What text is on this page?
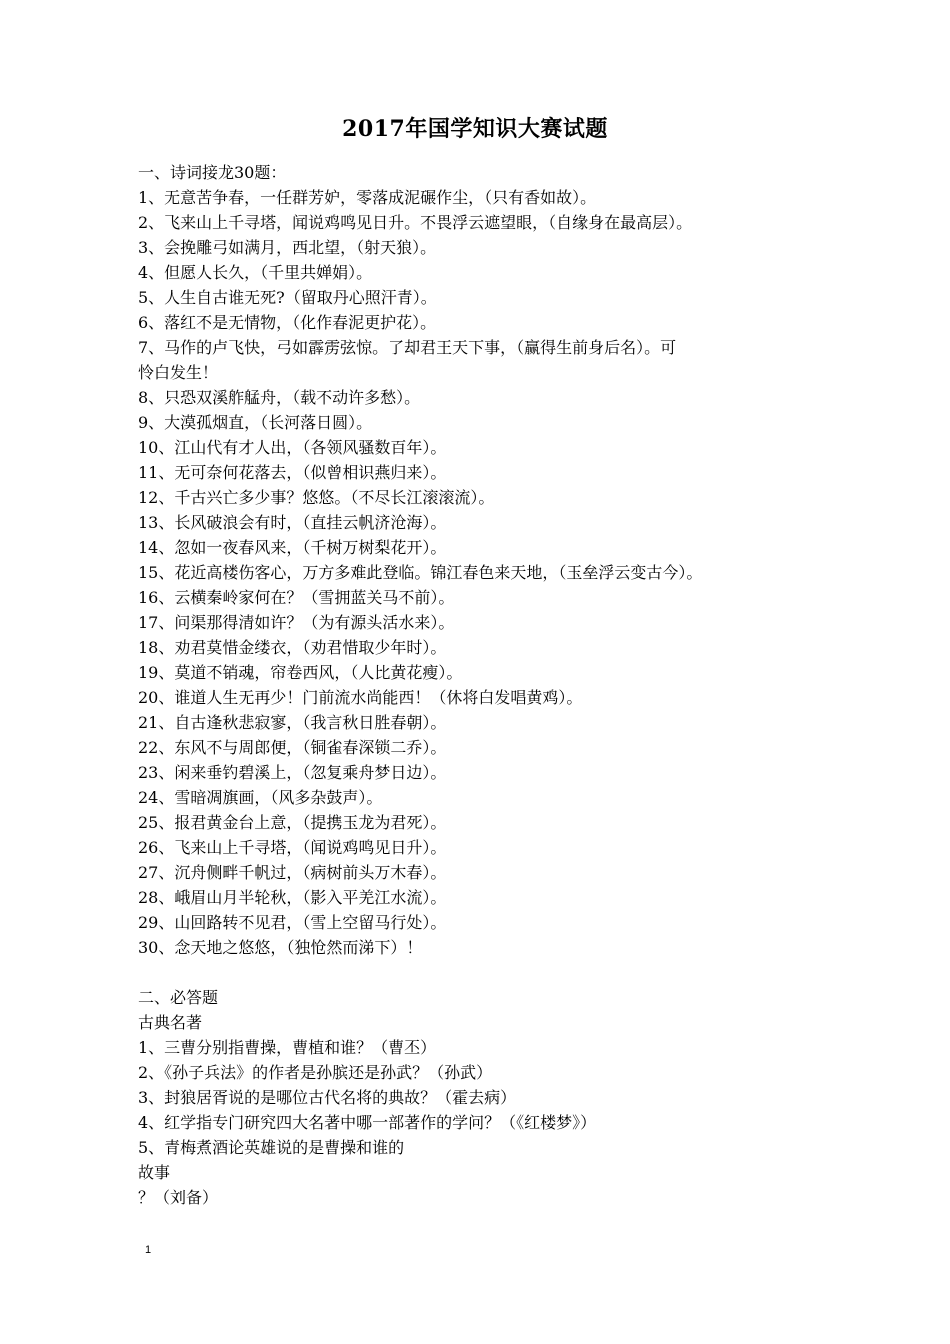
2017年国学知识大赛试题
一、诗词接龙30题：
1、无意苦争春，一任群芳妒，零落成泥碾作尘，（只有香如故）。
2、飞来山上千寻塔，闻说鸡鸣见日升。不畏浮云遮望眼，（自缘身在最高层）。
3、会挽雕弓如满月，西北望，（射天狼）。
4、但愿人长久，（千里共婵娟）。
5、人生自古谁无死?（留取丹心照汗青）。
6、落红不是无情物，（化作春泥更护花）。
7、马作的卢飞快，弓如霹雳弦惊。了却君王天下事，（赢得生前身后名）。可
怜白发生！
8、只恐双溪舴艋舟，（载不动许多愁）。
9、大漠孤烟直，（长河落日圆）。
10、江山代有才人出，（各领风骚数百年）。
11、无可奈何花落去，（似曾相识燕归来）。
12、千古兴亡多少事？悠悠。（不尽长江滚滚流）。
13、长风破浪会有时，（直挂云帆济沧海）。
14、忽如一夜春风来，（千树万树梨花开）。
15、花近高楼伤客心，万方多难此登临。锦江春色来天地，（玉垒浮云变古今）。
16、云横秦岭家何在？（雪拥蓝关马不前）。
17、问渠那得清如许？（为有源头活水来）。
18、劝君莫惜金缕衣，（劝君惜取少年时）。
19、莫道不销魂，帘卷西风，（人比黄花瘦）。
20、谁道人生无再少！门前流水尚能西！（休将白发唱黄鸡）。
21、自古逢秋悲寂寥，（我言秋日胜春朝）。
22、东风不与周郎便，（铜雀春深锁二乔）。
23、闲来垂钓碧溪上，（忽复乘舟梦日边）。
24、雪暗凋旗画，（风多杂鼓声）。
25、报君黄金台上意，（提携玉龙为君死）。
26、飞来山上千寻塔，（闻说鸡鸣见日升）。
27、沉舟侧畔千帆过，（病树前头万木春）。
28、峨眉山月半轮秋，（影入平羌江水流）。
29、山回路转不见君，（雪上空留马行处）。
30、念天地之悠悠，（独怆然而涕下）！
二、必答题
古典名著
1、三曹分别指曹操，曹植和谁？（曹丕）
2、《孙子兵法》的作者是孙膑还是孙武？（孙武）
3、封狼居胥说的是哪位古代名将的典故？（霍去病）
4、红学指专门研究四大名著中哪一部著作的学问？（《红楼梦》）
5、青梅煮酒论英雄说的是曹操和谁的
故事
？（刘备）
1
